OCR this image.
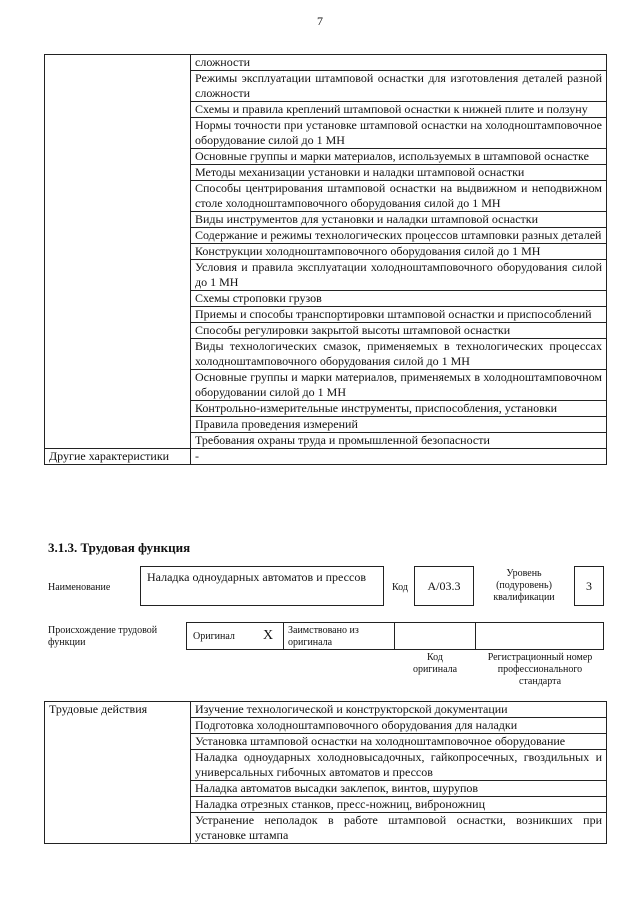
7
	сложности
	Режимы эксплуатации штамповой оснастки для изготовления деталей разной сложности
	Схемы и правила креплений штамповой оснастки к нижней плите и ползуну
	Нормы точности при установке штамповой оснастки на холодноштамповочное оборудование силой до 1 МН
	Основные группы и марки материалов, используемых в штамповой оснастке
	Методы механизации установки и наладки штамповой оснастки
	Способы центрирования штамповой оснастки на выдвижном и неподвижном столе холодноштамповочного оборудования силой до 1 МН
	Виды инструментов для установки и наладки штамповой оснастки
	Содержание и режимы технологических процессов штамповки разных деталей
	Конструкции холодноштамповочного оборудования силой до 1 МН
	Условия и правила эксплуатации холодноштамповочного оборудования силой до 1 МН
	Схемы строповки грузов
	Приемы и способы транспортировки штамповой оснастки и приспособлений
	Способы регулировки закрытой высоты штамповой оснастки
	Виды технологических смазок, применяемых в технологических процессах холодноштамповочного оборудования силой до 1 МН
	Основные группы и марки материалов, применяемых в холодноштамповочном оборудовании силой до 1 МН
	Контрольно-измерительные инструменты, приспособления, установки
	Правила проведения измерений
	Требования охраны труда и промышленной безопасности
Другие характеристики	-
3.1.3. Трудовая функция
Наименование
Наладка одноударных автоматов и прессов
Код	А/03.3
Уровень (подуровень) квалификации
3
Происхождение трудовой функции
Оригинал X Заимствовано из оригинала
Код оригинала
Регистрационный номер профессионального стандарта
Трудовые действия	Изучение технологической и конструкторской документации
Подготовка холодноштамповочного оборудования для наладки
Установка штамповой оснастки на холодноштамповочное оборудование
Наладка одноударных холодновысадочных, гайкопросечных, гвоздильных и универсальных гибочных автоматов и прессов
Наладка автоматов высадки заклепок, винтов, шурупов
Наладка отрезных станков, пресс-ножниц, виброножниц
Устранение неполадок в работе штамповой оснастки, возникших при установке штампа
